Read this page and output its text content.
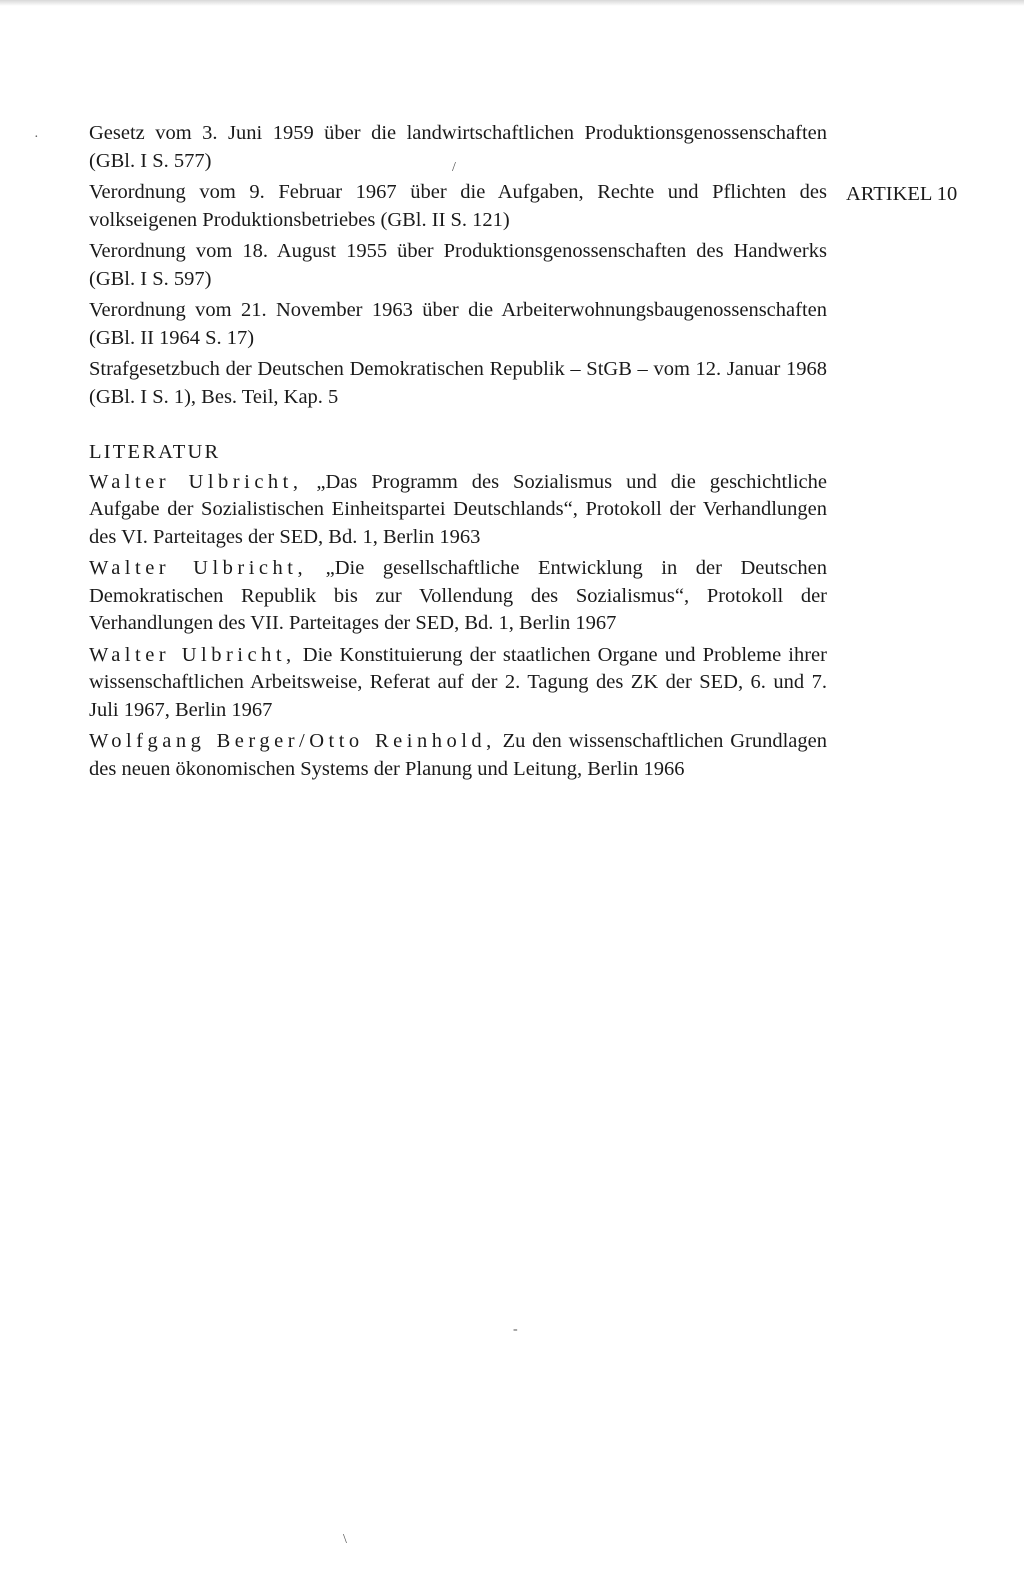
Gesetz vom 3. Juni 1959 über die landwirtschaftlichen Produktionsgenossenschaften (GBl. I S. 577)

Verordnung vom 9. Februar 1967 über die Aufgaben, Rechte und Pflichten des volkseigenen Produktionsbetriebes (GBl. II S. 121)

Verordnung vom 18. August 1955 über Produktionsgenossenschaften des Handwerks (GBl. I S. 597)

Verordnung vom 21. November 1963 über die Arbeiterwohnungsbaugenossenschaften (GBl. II 1964 S. 17)

Strafgesetzbuch der Deutschen Demokratischen Republik – StGB – vom 12. Januar 1968 (GBl. I S. 1), Bes. Teil, Kap. 5

LITERATUR

Walter Ulbricht, „Das Programm des Sozialismus und die geschichtliche Aufgabe der Sozialistischen Einheitspartei Deutschlands“, Protokoll der Verhandlungen des VI. Parteitages der SED, Bd. 1, Berlin 1963

Walter Ulbricht, „Die gesellschaftliche Entwicklung in der Deutschen Demokratischen Republik bis zur Vollendung des Sozialismus“, Protokoll der Verhandlungen des VII. Parteitages der SED, Bd. 1, Berlin 1967

Walter Ulbricht, Die Konstituierung der staatlichen Organe und Probleme ihrer wissenschaftlichen Arbeitsweise, Referat auf der 2. Tagung des ZK der SED, 6. und 7. Juli 1967, Berlin 1967

Wolfgang Berger/Otto Reinhold, Zu den wissenschaftlichen Grundlagen des neuen ökonomischen Systems der Planung und Leitung, Berlin 1966

ARTIKEL 10
·
/
-
\
